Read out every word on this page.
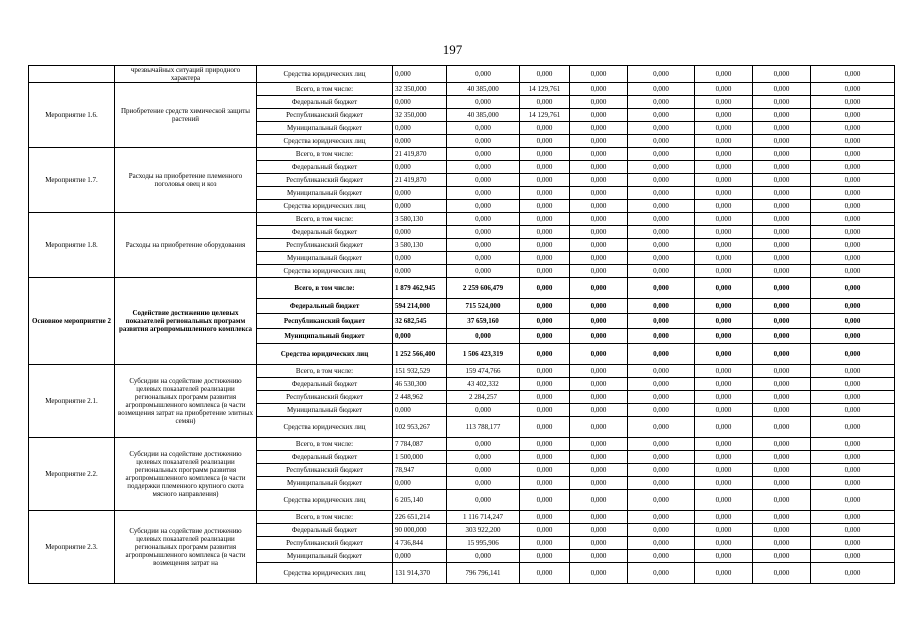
197
	чрезвычайных ситуаций природного характера	Средства юридических лиц	0,000	0,000	0,000	0,000	0,000	0,000	0,000	0,000
Мероприятие 1.6.	Приобретение средств химической защиты растений	Всего, в том числе:	32 350,000	40 385,000	14 129,761	0,000	0,000	0,000	0,000	0,000
		Федеральный бюджет	0,000	0,000	0,000	0,000	0,000	0,000	0,000	0,000
		Республиканский бюджет	32 350,000	40 385,000	14 129,761	0,000	0,000	0,000	0,000	0,000
		Муниципальный бюджет	0,000	0,000	0,000	0,000	0,000	0,000	0,000	0,000
		Средства юридических лиц	0,000	0,000	0,000	0,000	0,000	0,000	0,000	0,000
Мероприятие 1.7.	Расходы на приобретение племенного поголовья овец и коз	Всего, в том числе:	21 419,870	0,000	0,000	0,000	0,000	0,000	0,000	0,000
		Федеральный бюджет	0,000	0,000	0,000	0,000	0,000	0,000	0,000	0,000
		Республиканский бюджет	21 419,870	0,000	0,000	0,000	0,000	0,000	0,000	0,000
		Муниципальный бюджет	0,000	0,000	0,000	0,000	0,000	0,000	0,000	0,000
		Средства юридических лиц	0,000	0,000	0,000	0,000	0,000	0,000	0,000	0,000
Мероприятие 1.8.	Расходы на приобретение оборудования	Всего, в том числе:	3 580,130	0,000	0,000	0,000	0,000	0,000	0,000	0,000
		Федеральный бюджет	0,000	0,000	0,000	0,000	0,000	0,000	0,000	0,000
		Республиканский бюджет	3 580,130	0,000	0,000	0,000	0,000	0,000	0,000	0,000
		Муниципальный бюджет	0,000	0,000	0,000	0,000	0,000	0,000	0,000	0,000
		Средства юридических лиц	0,000	0,000	0,000	0,000	0,000	0,000	0,000	0,000
Основное мероприятие 2	Содействие достижению целевых показателей региональных программ развития агропромышленного комплекса	Всего, в том числе:	1 879 462,945	2 259 606,479	0,000	0,000	0,000	0,000	0,000	0,000
		Федеральный бюджет	594 214,000	715 524,000	0,000	0,000	0,000	0,000	0,000	0,000
		Республиканский бюджет	32 682,545	37 659,160	0,000	0,000	0,000	0,000	0,000	0,000
		Муниципальный бюджет	0,000	0,000	0,000	0,000	0,000	0,000	0,000	0,000
		Средства юридических лиц	1 252 566,400	1 506 423,319	0,000	0,000	0,000	0,000	0,000	0,000
Мероприятие 2.1.	Субсидии на содействие достижению целевых показателей реализации региональных программ развития агропромышленного комплекса (в части возмещения затрат на приобретение элитных семян)	Всего, в том числе:	151 932,529	159 474,766	0,000	0,000	0,000	0,000	0,000	0,000
		Федеральный бюджет	46 530,300	43 402,332	0,000	0,000	0,000	0,000	0,000	0,000
		Республиканский бюджет	2 448,962	2 284,257	0,000	0,000	0,000	0,000	0,000	0,000
		Муниципальный бюджет	0,000	0,000	0,000	0,000	0,000	0,000	0,000	0,000
		Средства юридических лиц	102 953,267	113 788,177	0,000	0,000	0,000	0,000	0,000	0,000
Мероприятие 2.2.	Субсидии на содействие достижению целевых показателей реализации региональных программ развития агропромышленного комплекса (в части поддержки племенного крупного скота мясного направления)	Всего, в том числе:	7 784,087	0,000	0,000	0,000	0,000	0,000	0,000	0,000
		Федеральный бюджет	1 500,000	0,000	0,000	0,000	0,000	0,000	0,000	0,000
		Республиканский бюджет	78,947	0,000	0,000	0,000	0,000	0,000	0,000	0,000
		Муниципальный бюджет	0,000	0,000	0,000	0,000	0,000	0,000	0,000	0,000
		Средства юридических лиц	6 205,140	0,000	0,000	0,000	0,000	0,000	0,000	0,000
Мероприятие 2.3.	Субсидии на содействие достижению целевых показателей реализации региональных программ развития агропромышленного комплекса (в части возмещения затрат на	Всего, в том числе:	226 651,214	1 116 714,247	0,000	0,000	0,000	0,000	0,000	0,000
		Федеральный бюджет	90 000,000	303 922,200	0,000	0,000	0,000	0,000	0,000	0,000
		Республиканский бюджет	4 736,844	15 995,906	0,000	0,000	0,000	0,000	0,000	0,000
		Муниципальный бюджет	0,000	0,000	0,000	0,000	0,000	0,000	0,000	0,000
		Средства юридических лиц	131 914,370	796 796,141	0,000	0,000	0,000	0,000	0,000	0,000
